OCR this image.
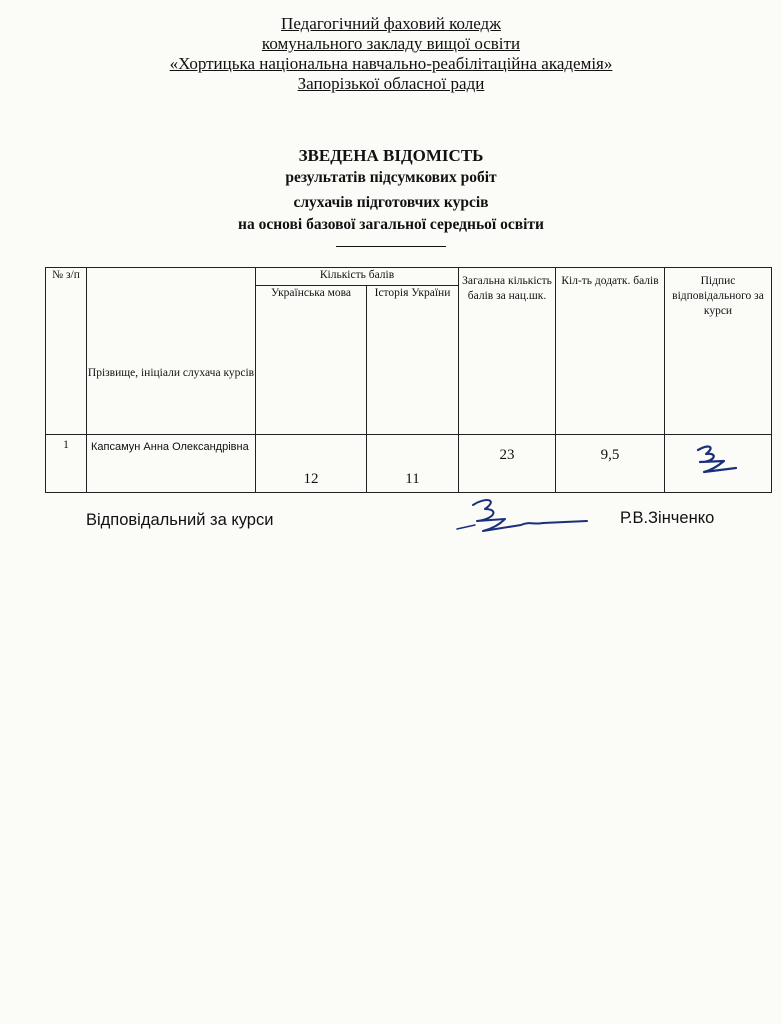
Педагогічний фаховий коледж
комунального закладу вищої освіти
«Хортицька національна навчально-реабілітаційна академія»
Запорізької обласної ради
ЗВЕДЕНА ВІДОМІСТЬ
результатів підсумкових робіт
слухачів підготовчих курсів
на основі базової загальної середньої освіти
№ з/п	Прізвище, ініціали слухача курсів	Кількість балів		Загальна кількість балів за нац.шк.	Кіл-ть додатк. балів	Підпис відповідального за курси
		Українська мова	Історія України			
1	Капсамун Анна Олександрівна	12	11	23	9,5	
Відповідальний за курси	Р.В.Зінченко
